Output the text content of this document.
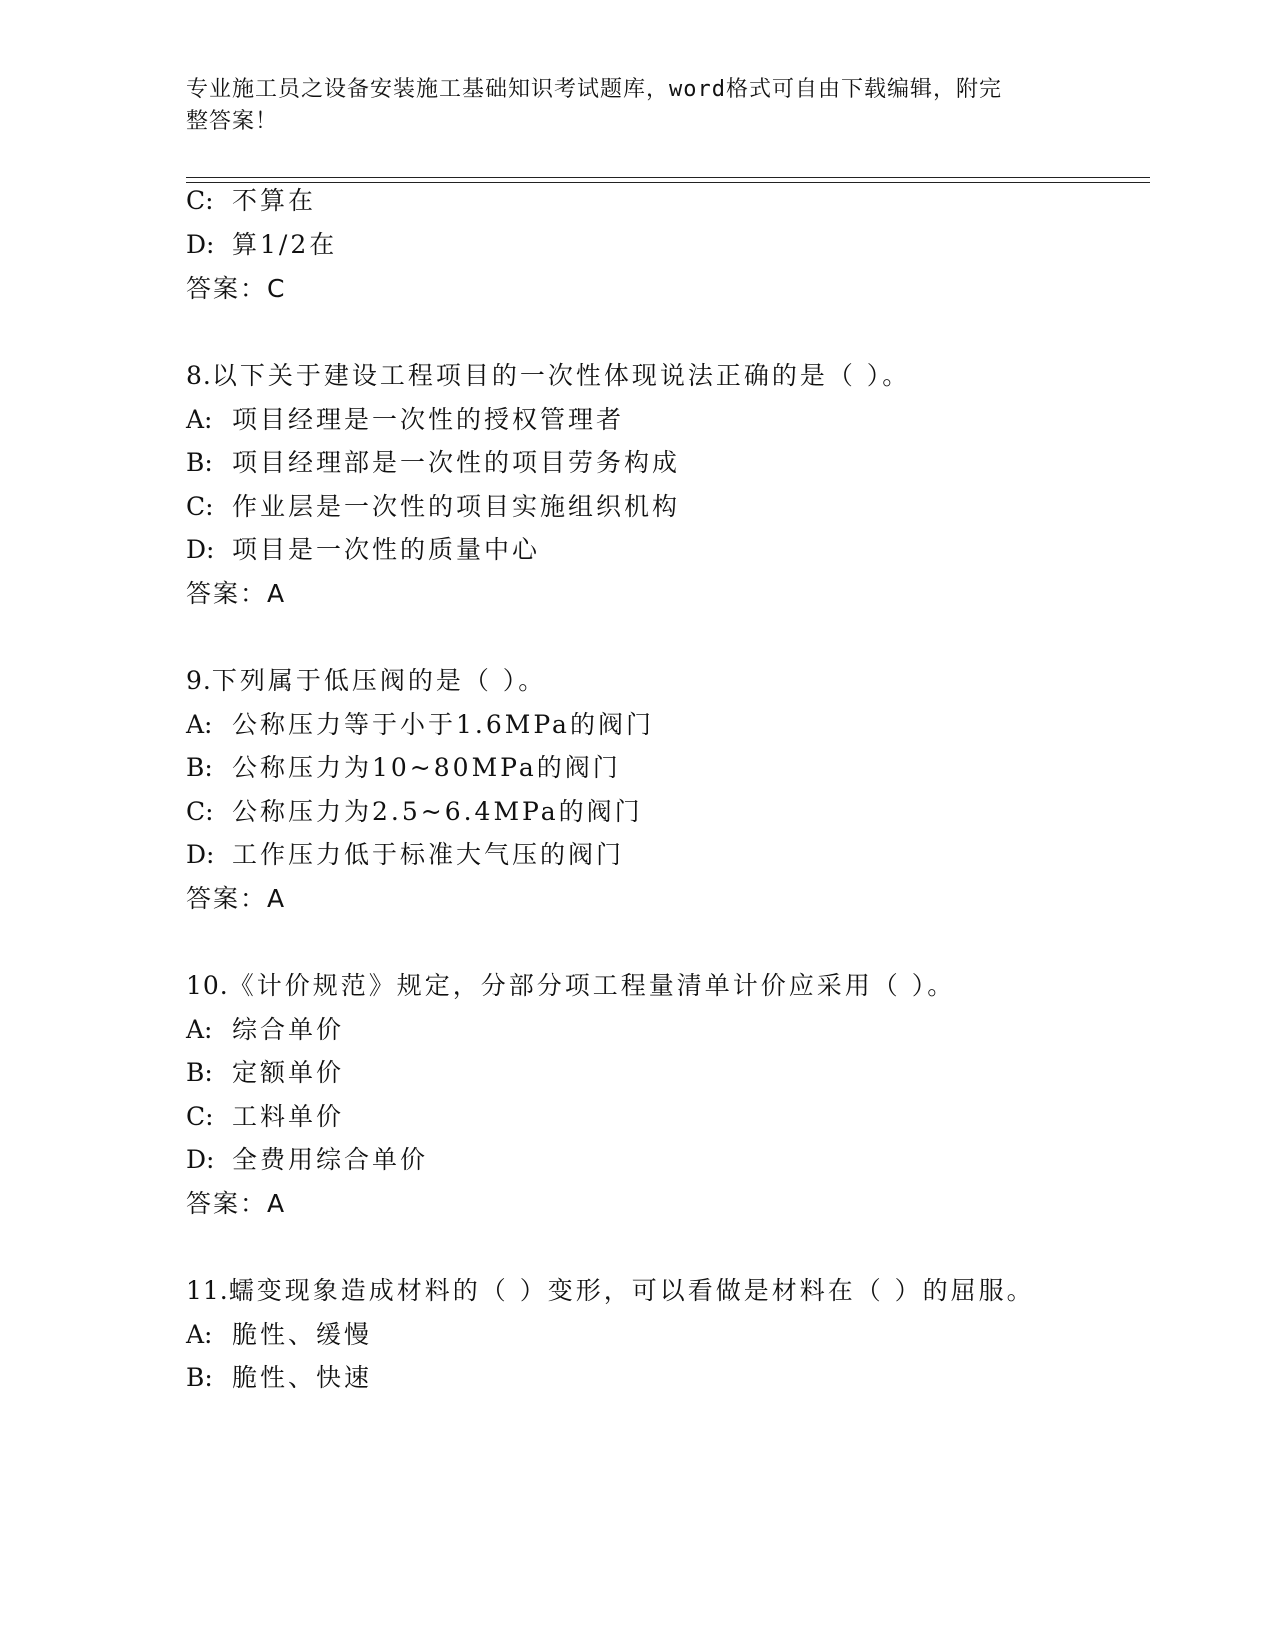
专业施工员之设备安装施工基础知识考试题库，word格式可自由下载编辑，附完
整答案！
C: 不算在
D: 算1/2在
答案：C
8.以下关于建设工程项目的一次性体现说法正确的是（ ）。
A: 项目经理是一次性的授权管理者
B: 项目经理部是一次性的项目劳务构成
C: 作业层是一次性的项目实施组织机构
D: 项目是一次性的质量中心
答案：A
9.下列属于低压阀的是（ ）。
A: 公称压力等于小于1.6MPa的阀门
B: 公称压力为10~80MPa的阀门
C: 公称压力为2.5~6.4MPa的阀门
D: 工作压力低于标准大气压的阀门
答案：A
10.《计价规范》规定，分部分项工程量清单计价应采用（ ）。
A: 综合单价
B: 定额单价
C: 工料单价
D: 全费用综合单价
答案：A
11.蠕变现象造成材料的（ ）变形，可以看做是材料在（ ）的屈服。
A: 脆性、缓慢
B: 脆性、快速
